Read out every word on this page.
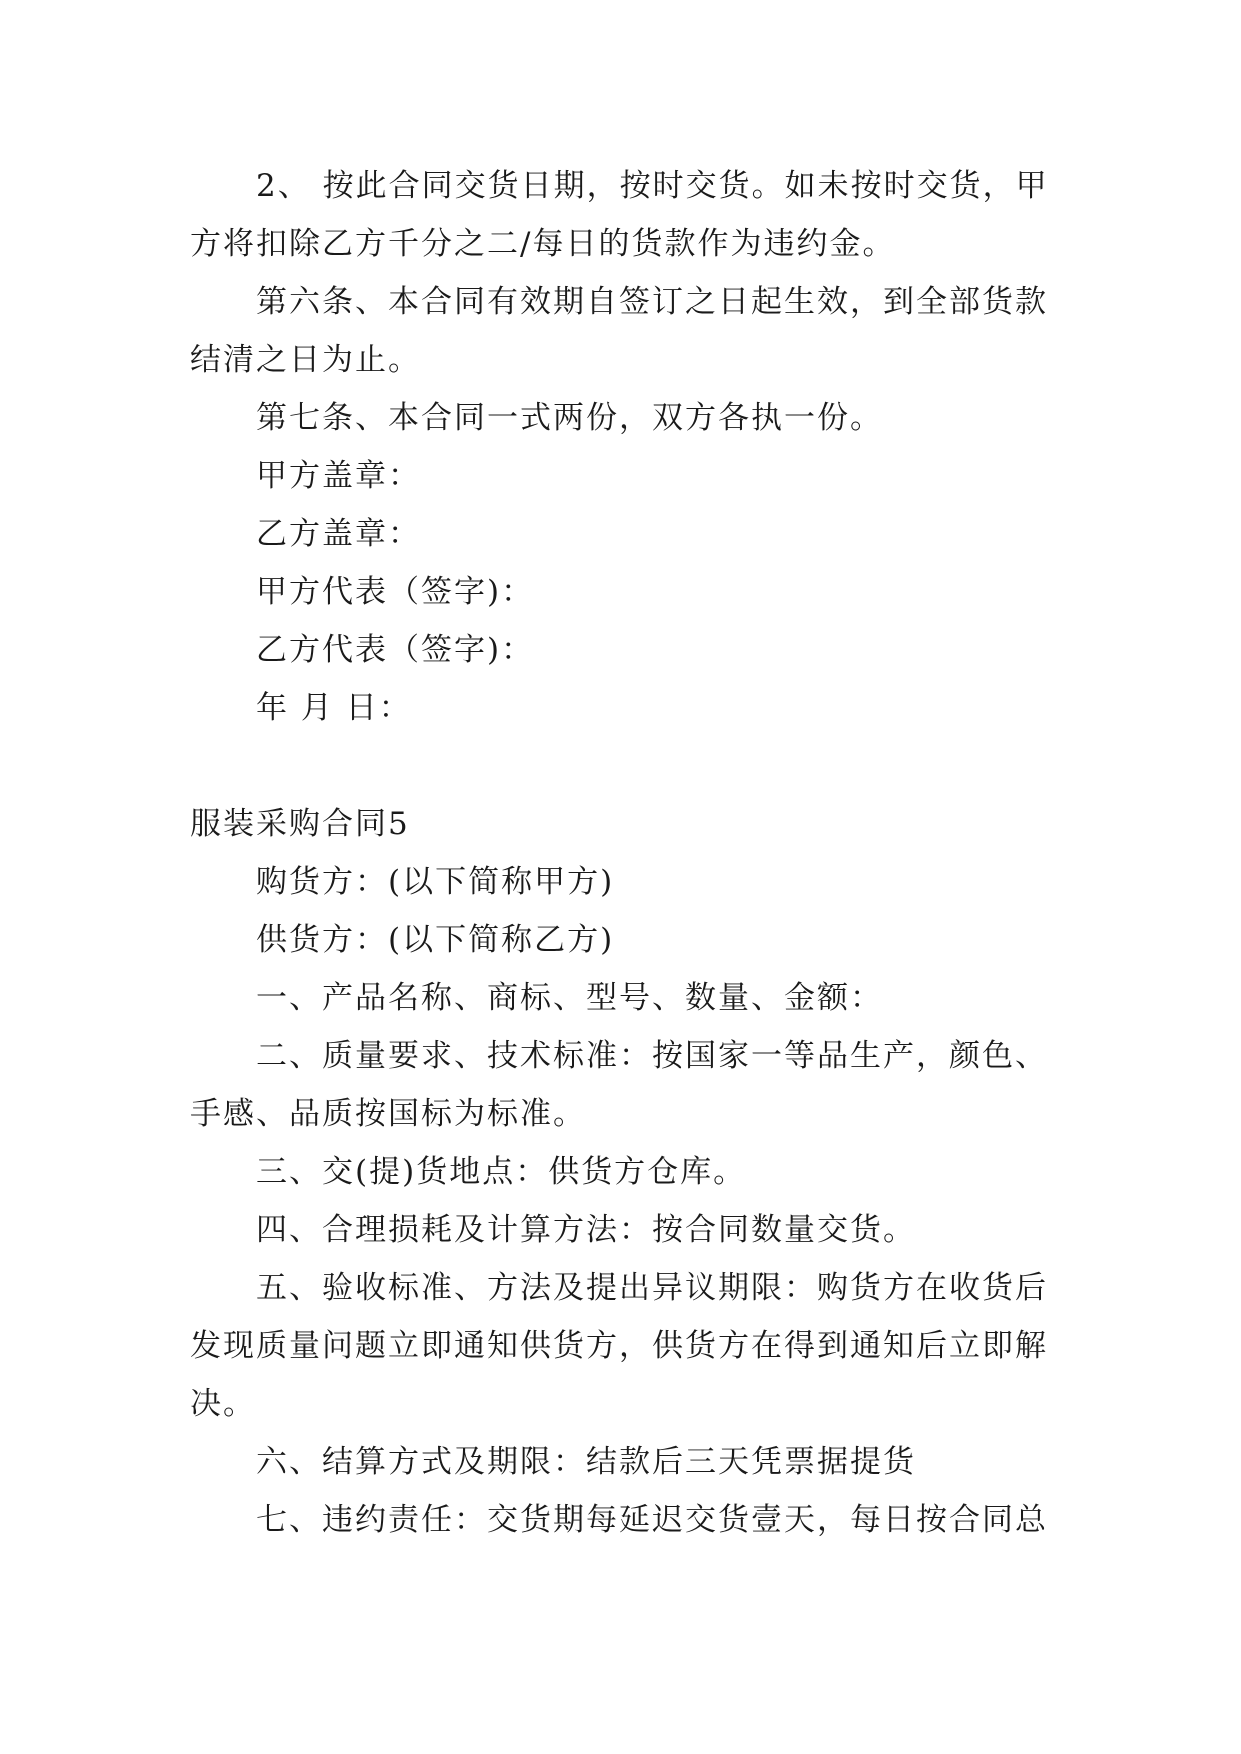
2、 按此合同交货日期，按时交货。如未按时交货，甲
方将扣除乙方千分之二/每日的货款作为违约金。
第六条、本合同有效期自签订之日起生效，到全部货款
结清之日为止。
第七条、本合同一式两份，双方各执一份。
甲方盖章：
乙方盖章：
甲方代表（签字)：
乙方代表（签字)：
年 月 日：
服装采购合同5
购货方：(以下简称甲方)
供货方：(以下简称乙方)
一、产品名称、商标、型号、数量、金额：
二、质量要求、技术标准：按国家一等品生产，颜色、
手感、品质按国标为标准。
三、交(提)货地点：供货方仓库。
四、合理损耗及计算方法：按合同数量交货。
五、验收标准、方法及提出异议期限：购货方在收货后
发现质量问题立即通知供货方，供货方在得到通知后立即解
决。
六、结算方式及期限：结款后三天凭票据提货
七、违约责任：交货期每延迟交货壹天，每日按合同总
